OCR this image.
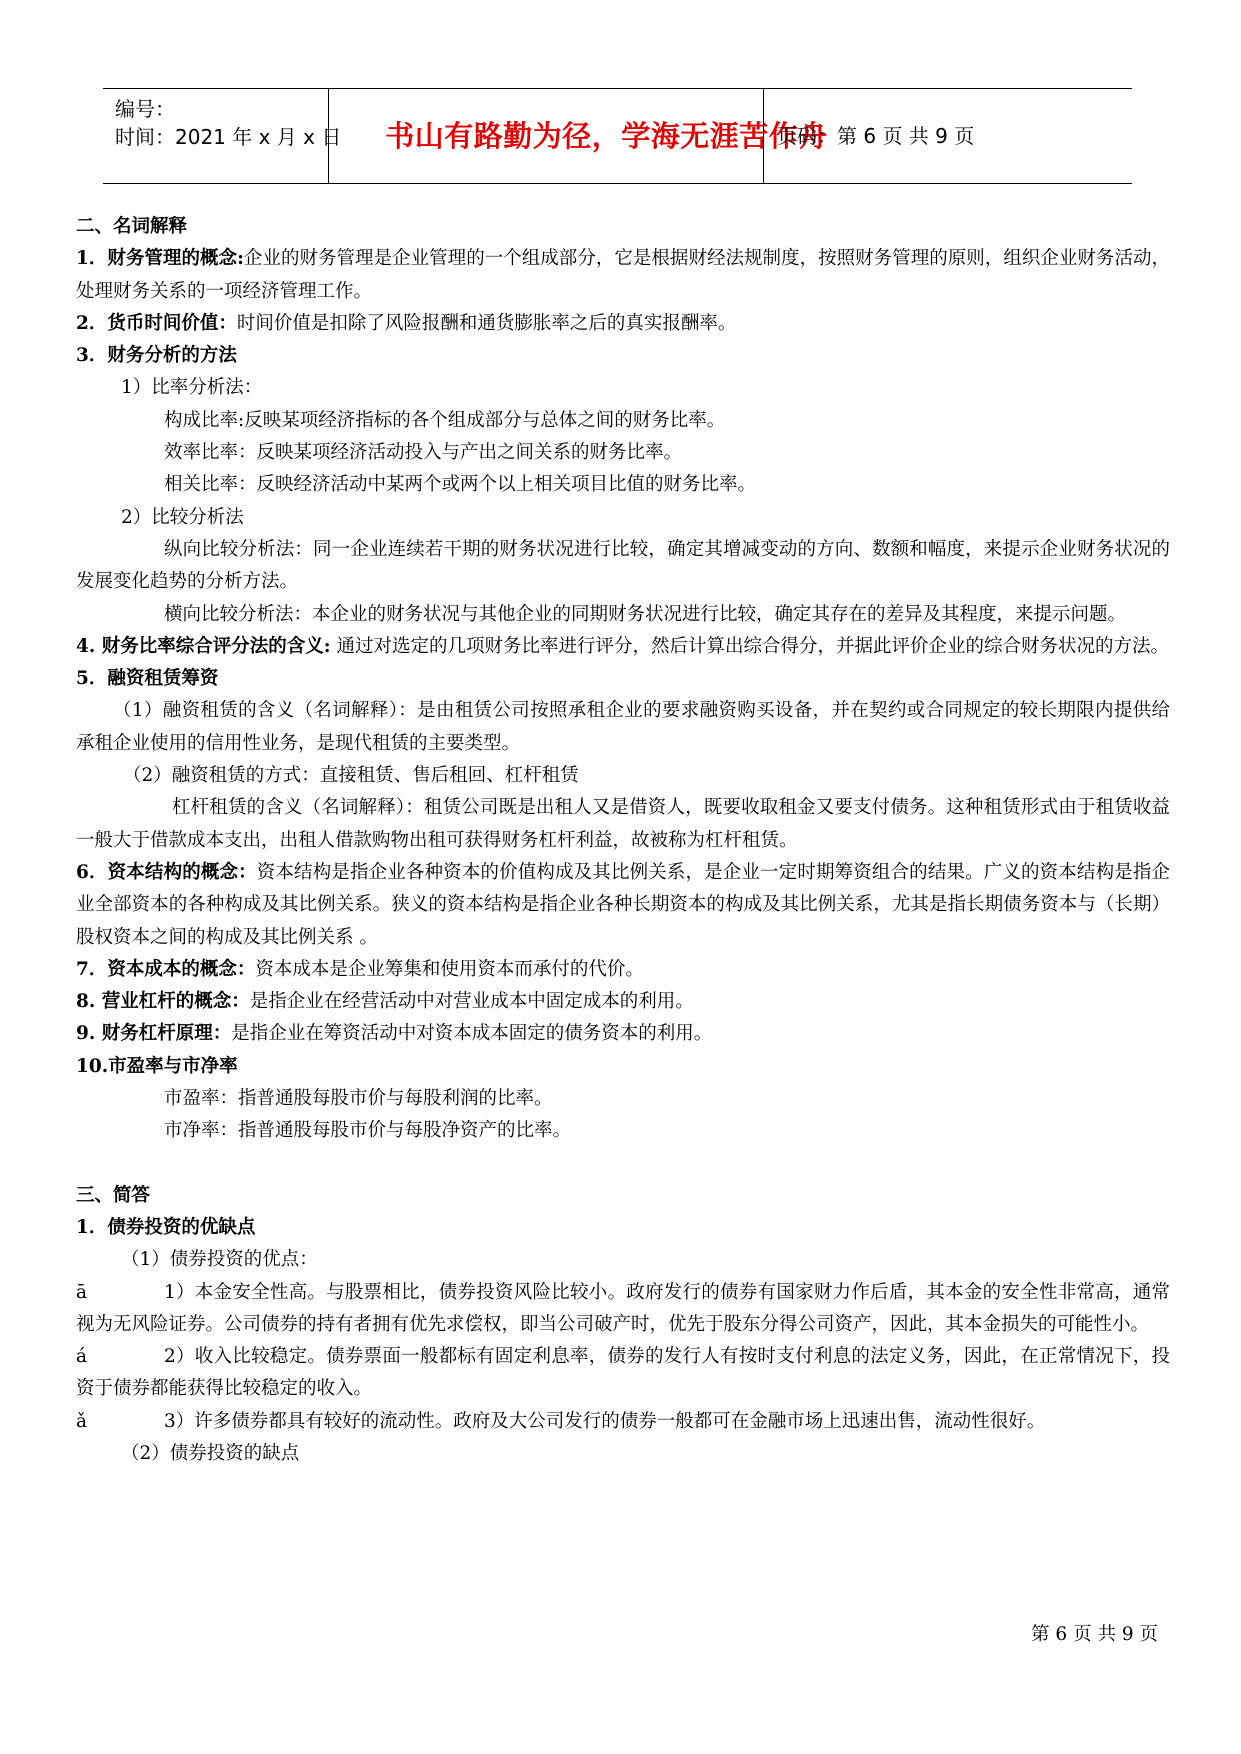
编号：
时间：2021 年 x 月 x 日	书山有路勤为径，学海无涯苦作舟
页码：第 6 页 共 9 页

二、名词解释

1．财务管理的概念:企业的财务管理是企业管理的一个组成部分，它是根据财经法规制度，按照财务管理的原则，组织企业财务活动，处理财务关系的一项经济管理工作。

2．货币时间价值：时间价值是扣除了风险报酬和通货膨胀率之后的真实报酬率。

3．财务分析的方法

1）比率分析法：

构成比率:反映某项经济指标的各个组成部分与总体之间的财务比率。

效率比率：反映某项经济活动投入与产出之间关系的财务比率。

相关比率：反映经济活动中某两个或两个以上相关项目比值的财务比率。

2）比较分析法

纵向比较分析法：同一企业连续若干期的财务状况进行比较，确定其增减变动的方向、数额和幅度，来提示企业财务状况的发展变化趋势的分析方法。

横向比较分析法：本企业的财务状况与其他企业的同期财务状况进行比较，确定其存在的差异及其程度，来提示问题。

4. 财务比率综合评分法的含义: 通过对选定的几项财务比率进行评分，然后计算出综合得分，并据此评价企业的综合财务状况的方法。

5．融资租赁筹资

（1）融资租赁的含义（名词解释）：是由租赁公司按照承租企业的要求融资购买设备，并在契约或合同规定的较长期限内提供给承租企业使用的信用性业务，是现代租赁的主要类型。

（2）融资租赁的方式：直接租赁、售后租回、杠杆租赁

杠杆租赁的含义（名词解释）：租赁公司既是出租人又是借资人，既要收取租金又要支付债务。这种租赁形式由于租赁收益一般大于借款成本支出，出租人借款购物出租可获得财务杠杆利益，故被称为杠杆租赁。

6．资本结构的概念：资本结构是指企业各种资本的价值构成及其比例关系，是企业一定时期筹资组合的结果。广义的资本结构是指企业全部资本的各种构成及其比例关系。狭义的资本结构是指企业各种长期资本的构成及其比例关系，尤其是指长期债务资本与（长期）股权资本之间的构成及其比例关系 。

7．资本成本的概念：资本成本是企业筹集和使用资本而承付的代价。

8. 营业杠杆的概念：是指企业在经营活动中对营业成本中固定成本的利用。

9. 财务杠杆原理：是指企业在筹资活动中对资本成本固定的债务资本的利用。

10.市盈率与市净率

市盈率：指普通股每股市价与每股利润的比率。

市净率：指普通股每股市价与每股净资产的比率。

三、简答

1．债券投资的优缺点

（1）债券投资的优点：

ā	1）本金安全性高。与股票相比，债券投资风险比较小。政府发行的债券有国家财力作后盾，其本金的安全性非常高，通常视为无风险证券。公司债券的持有者拥有优先求偿权，即当公司破产时，优先于股东分得公司资产，因此，其本金损失的可能性小。

á	2）收入比较稳定。债券票面一般都标有固定利息率，债券的发行人有按时支付利息的法定义务，因此，在正常情况下，投资于债券都能获得比较稳定的收入。

ǎ	3）许多债券都具有较好的流动性。政府及大公司发行的债券一般都可在金融市场上迅速出售，流动性很好。

（2）债券投资的缺点

第 6 页 共 9 页
